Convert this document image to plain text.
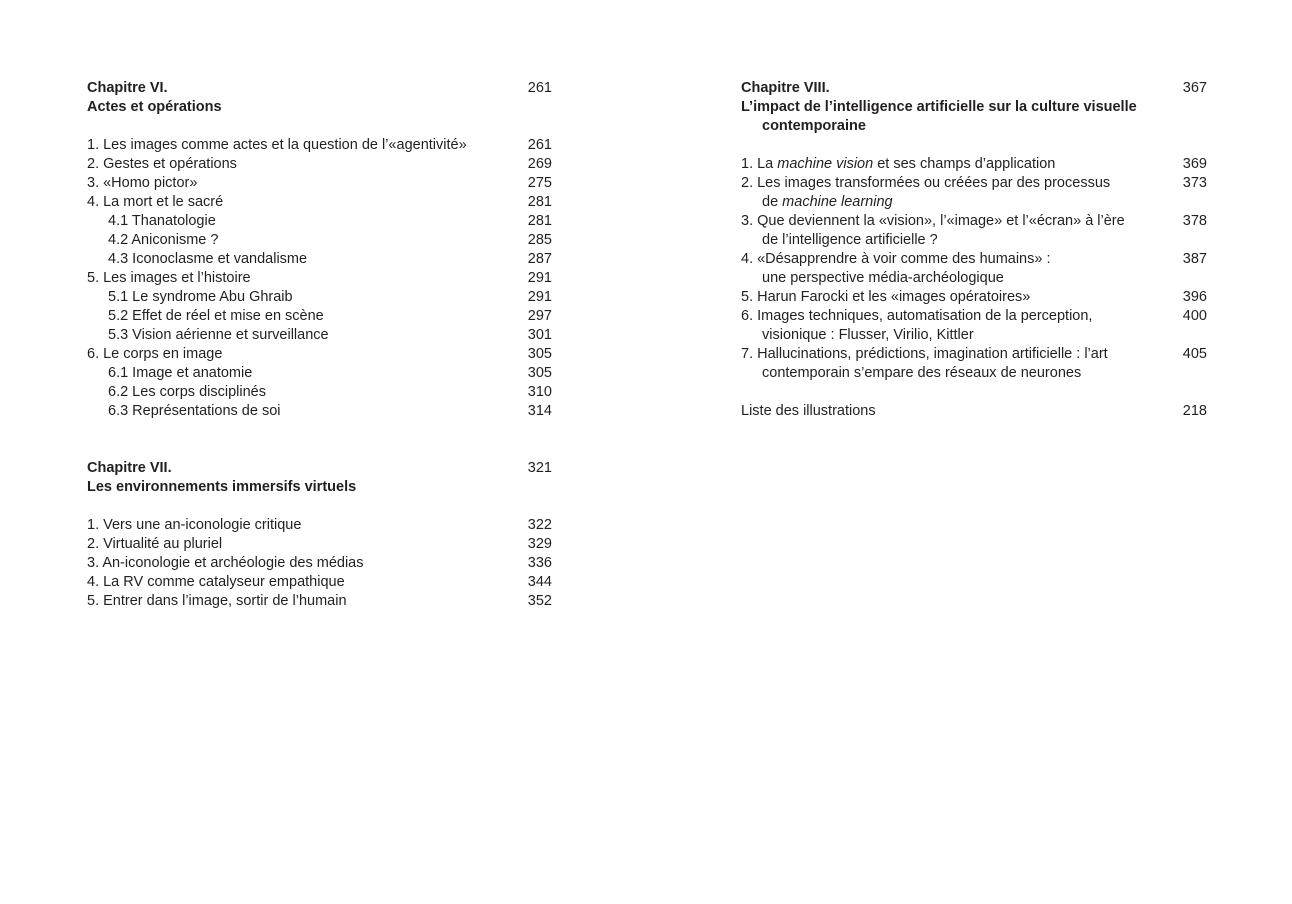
Chapitre VI.	261
Actes et opérations
1. Les images comme actes et la question de l’«agentivité»	261
2. Gestes et opérations	269
3. «Homo pictor»	275
4. La mort et le sacré	281
4.1 Thanatologie	281
4.2 Aniconisme ?	285
4.3 Iconoclasme et vandalisme	287
5. Les images et l’histoire	291
5.1 Le syndrome Abu Ghraib	291
5.2 Effet de réel et mise en scène	297
5.3 Vision aérienne et surveillance	301
6. Le corps en image	305
6.1 Image et anatomie	305
6.2 Les corps disciplinés	310
6.3 Représentations de soi	314
Chapitre VII.	321
Les environnements immersifs virtuels
1. Vers une an-iconologie critique	322
2. Virtualité au pluriel	329
3. An-iconologie et archéologie des médias	336
4. La RV comme catalyseur empathique	344
5. Entrer dans l’image, sortir de l’humain	352
Chapitre VIII.	367
L’impact de l’intelligence artificielle sur la culture visuelle
contemporaine
1. La machine vision et ses champs d’application	369
2. Les images transformées ou créées par des processus	373
de machine learning
3. Que deviennent la «vision», l’«image» et l’«écran» à l’ère	378
de l’intelligence artificielle ?
4. «Désapprendre à voir comme des humains» :	387
une perspective média-archéologique
5. Harun Farocki et les «images opératoires»	396
6. Images techniques, automatisation de la perception,	400
visionique : Flusser, Virilio, Kittler
7. Hallucinations, prédictions, imagination artificielle : l’art	405
contemporain s’empare des réseaux de neurones
Liste des illustrations	218
